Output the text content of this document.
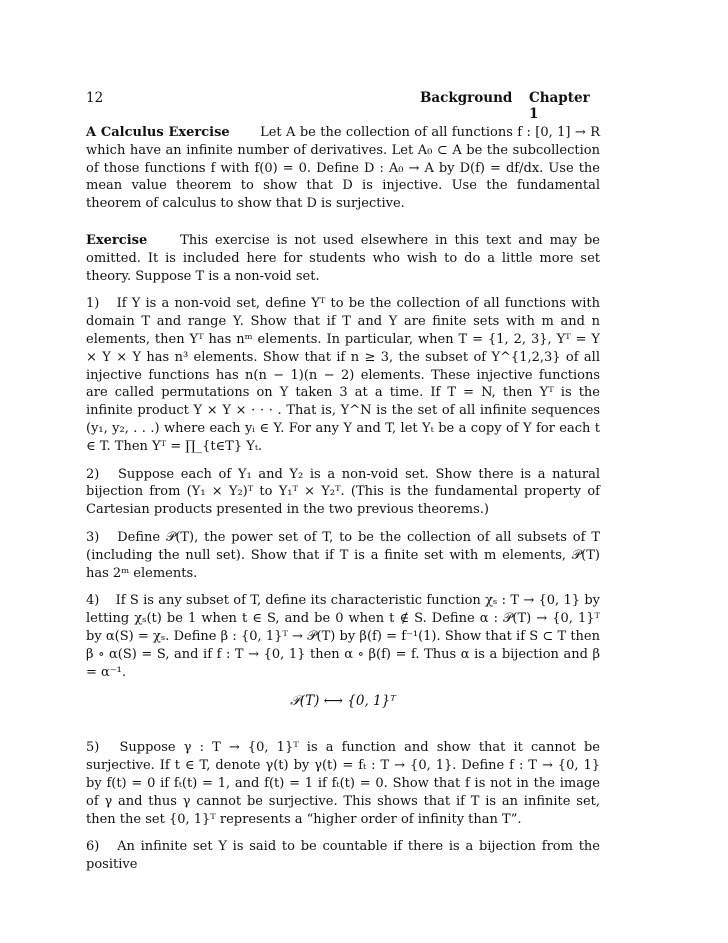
12	Background Chapter 1

A Calculus Exercise Let A be the collection of all functions f : [0, 1] → R which have an infinite number of derivatives. Let A₀ ⊂ A be the subcollection of those functions f with f(0) = 0. Define D : A₀ → A by D(f) = df/dx. Use the mean value theorem to show that D is injective. Use the fundamental theorem of calculus to show that D is surjective.

Exercise	This exercise is not used elsewhere in this text and may be omitted. It is included here for students who wish to do a little more set theory. Suppose T is a non-void set.

1) If Y is a non-void set, define Yᵀ to be the collection of all functions with domain T and range Y. Show that if T and Y are finite sets with m and n elements, then Yᵀ has nᵐ elements. In particular, when T = {1, 2, 3}, Yᵀ = Y × Y × Y has n³ elements. Show that if n ≥ 3, the subset of Y^{1,2,3} of all injective functions has n(n − 1)(n − 2) elements. These injective functions are called permutations on Y taken 3 at a time. If T = N, then Yᵀ is the infinite product Y × Y × · · · . That is, Y^N is the set of all infinite sequences (y₁, y₂, . . .) where each yᵢ ∈ Y. For any Y and T, let Yₜ be a copy of Y for each t ∈ T. Then Yᵀ = ∏_{t∈T} Yₜ.

2) Suppose each of Y₁ and Y₂ is a non-void set. Show there is a natural bijection from (Y₁ × Y₂)ᵀ to Y₁ᵀ × Y₂ᵀ. (This is the fundamental property of Cartesian products presented in the two previous theorems.)

3) Define 𝒫(T), the power set of T, to be the collection of all subsets of T (including the null set). Show that if T is a finite set with m elements, 𝒫(T) has 2ᵐ elements.

4) If S is any subset of T, define its characteristic function χₛ : T → {0, 1} by letting χₛ(t) be 1 when t ∈ S, and be 0 when t ∉ S. Define α : 𝒫(T) → {0, 1}ᵀ by α(S) = χₛ. Define β : {0, 1}ᵀ → 𝒫(T) by β(f) = f⁻¹(1). Show that if S ⊂ T then β ∘ α(S) = S, and if f : T → {0, 1} then α ∘ β(f) = f. Thus α is a bijection and β = α⁻¹.

𝒫(T) ⟷ {0, 1}ᵀ

5) Suppose γ : T → {0, 1}ᵀ is a function and show that it cannot be surjective. If t ∈ T, denote γ(t) by γ(t) = fₜ : T → {0, 1}. Define f : T → {0, 1} by f(t) = 0 if fₜ(t) = 1, and f(t) = 1 if fₜ(t) = 0. Show that f is not in the image of γ and thus γ cannot be surjective. This shows that if T is an infinite set, then the set {0, 1}ᵀ represents a “higher order of infinity than T”.

6) An infinite set Y is said to be countable if there is a bijection from the positive
